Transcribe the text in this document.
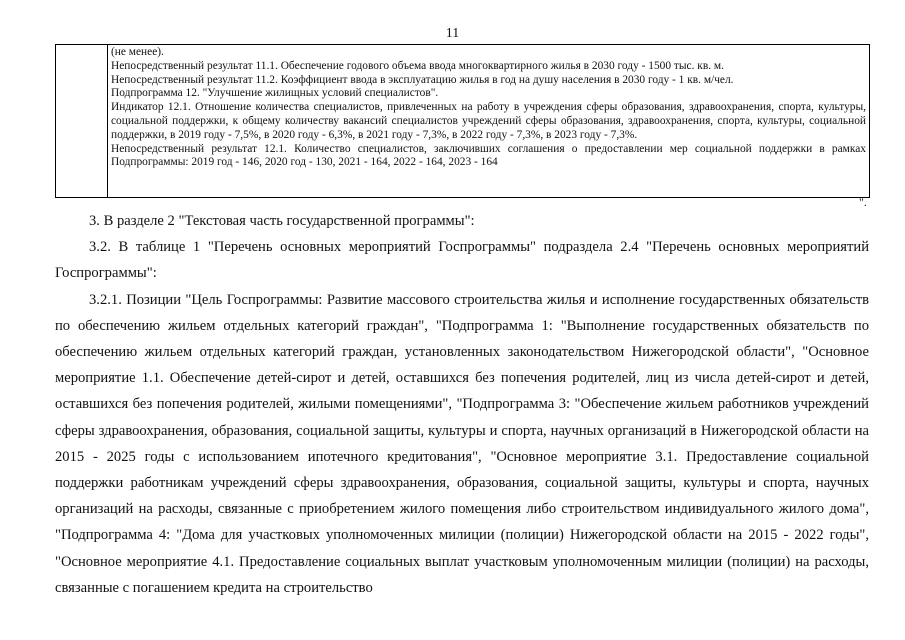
11

(не менее).

Непосредственный результат 11.1. Обеспечение годового объема ввода многоквартирного жилья в 2030 году - 1500 тыс. кв. м.

Непосредственный результат 11.2. Коэффициент ввода в эксплуатацию жилья в год на душу населения в 2030 году - 1 кв. м/чел.

Подпрограмма 12. "Улучшение жилищных условий специалистов".

Индикатор 12.1. Отношение количества специалистов, привлеченных на работу в учреждения сферы образования, здравоохранения, спорта, культуры, социальной поддержки, к общему количеству вакансий специалистов учреждений сферы образования, здравоохранения, спорта, культуры, социальной поддержки, в 2019 году - 7,5%, в 2020 году - 6,3%, в 2021 году - 7,3%, в 2022 году - 7,3%, в 2023 году - 7,3%.

Непосредственный результат 12.1. Количество специалистов, заключивших соглашения о предоставлении мер социальной поддержки в рамках Подпрограммы: 2019 год - 146, 2020 год - 130, 2021 - 164, 2022 - 164, 2023 - 164

".

3. В разделе 2 "Текстовая часть государственной программы":

3.2. В таблице 1 "Перечень основных мероприятий Госпрограммы" подраздела 2.4 "Перечень основных мероприятий Госпрограммы":

3.2.1. Позиции "Цель Госпрограммы: Развитие массового строительства жилья и исполнение государственных обязательств по обеспечению жильем отдельных категорий граждан", "Подпрограмма 1: "Выполнение государственных обязательств по обеспечению жильем отдельных категорий граждан, установленных законодательством Нижегородской области", "Основное мероприятие 1.1. Обеспечение детей-сирот и детей, оставшихся без попечения родителей, лиц из числа детей-сирот и детей, оставшихся без попечения родителей, жилыми помещениями", "Подпрограмма 3: "Обеспечение жильем работников учреждений сферы здравоохранения, образования, социальной защиты, культуры и спорта, научных организаций в Нижегородской области на 2015 - 2025 годы с использованием ипотечного кредитования", "Основное мероприятие 3.1. Предоставление социальной поддержки работникам учреждений сферы здравоохранения, образования, социальной защиты, культуры и спорта, научных организаций на расходы, связанные с приобретением жилого помещения либо строительством индивидуального жилого дома", "Подпрограмма 4: "Дома для участковых уполномоченных милиции (полиции) Нижегородской области на 2015 - 2022 годы", "Основное мероприятие 4.1. Предоставление социальных выплат участковым уполномоченным милиции (полиции) на расходы, связанные с погашением кредита на строительство
